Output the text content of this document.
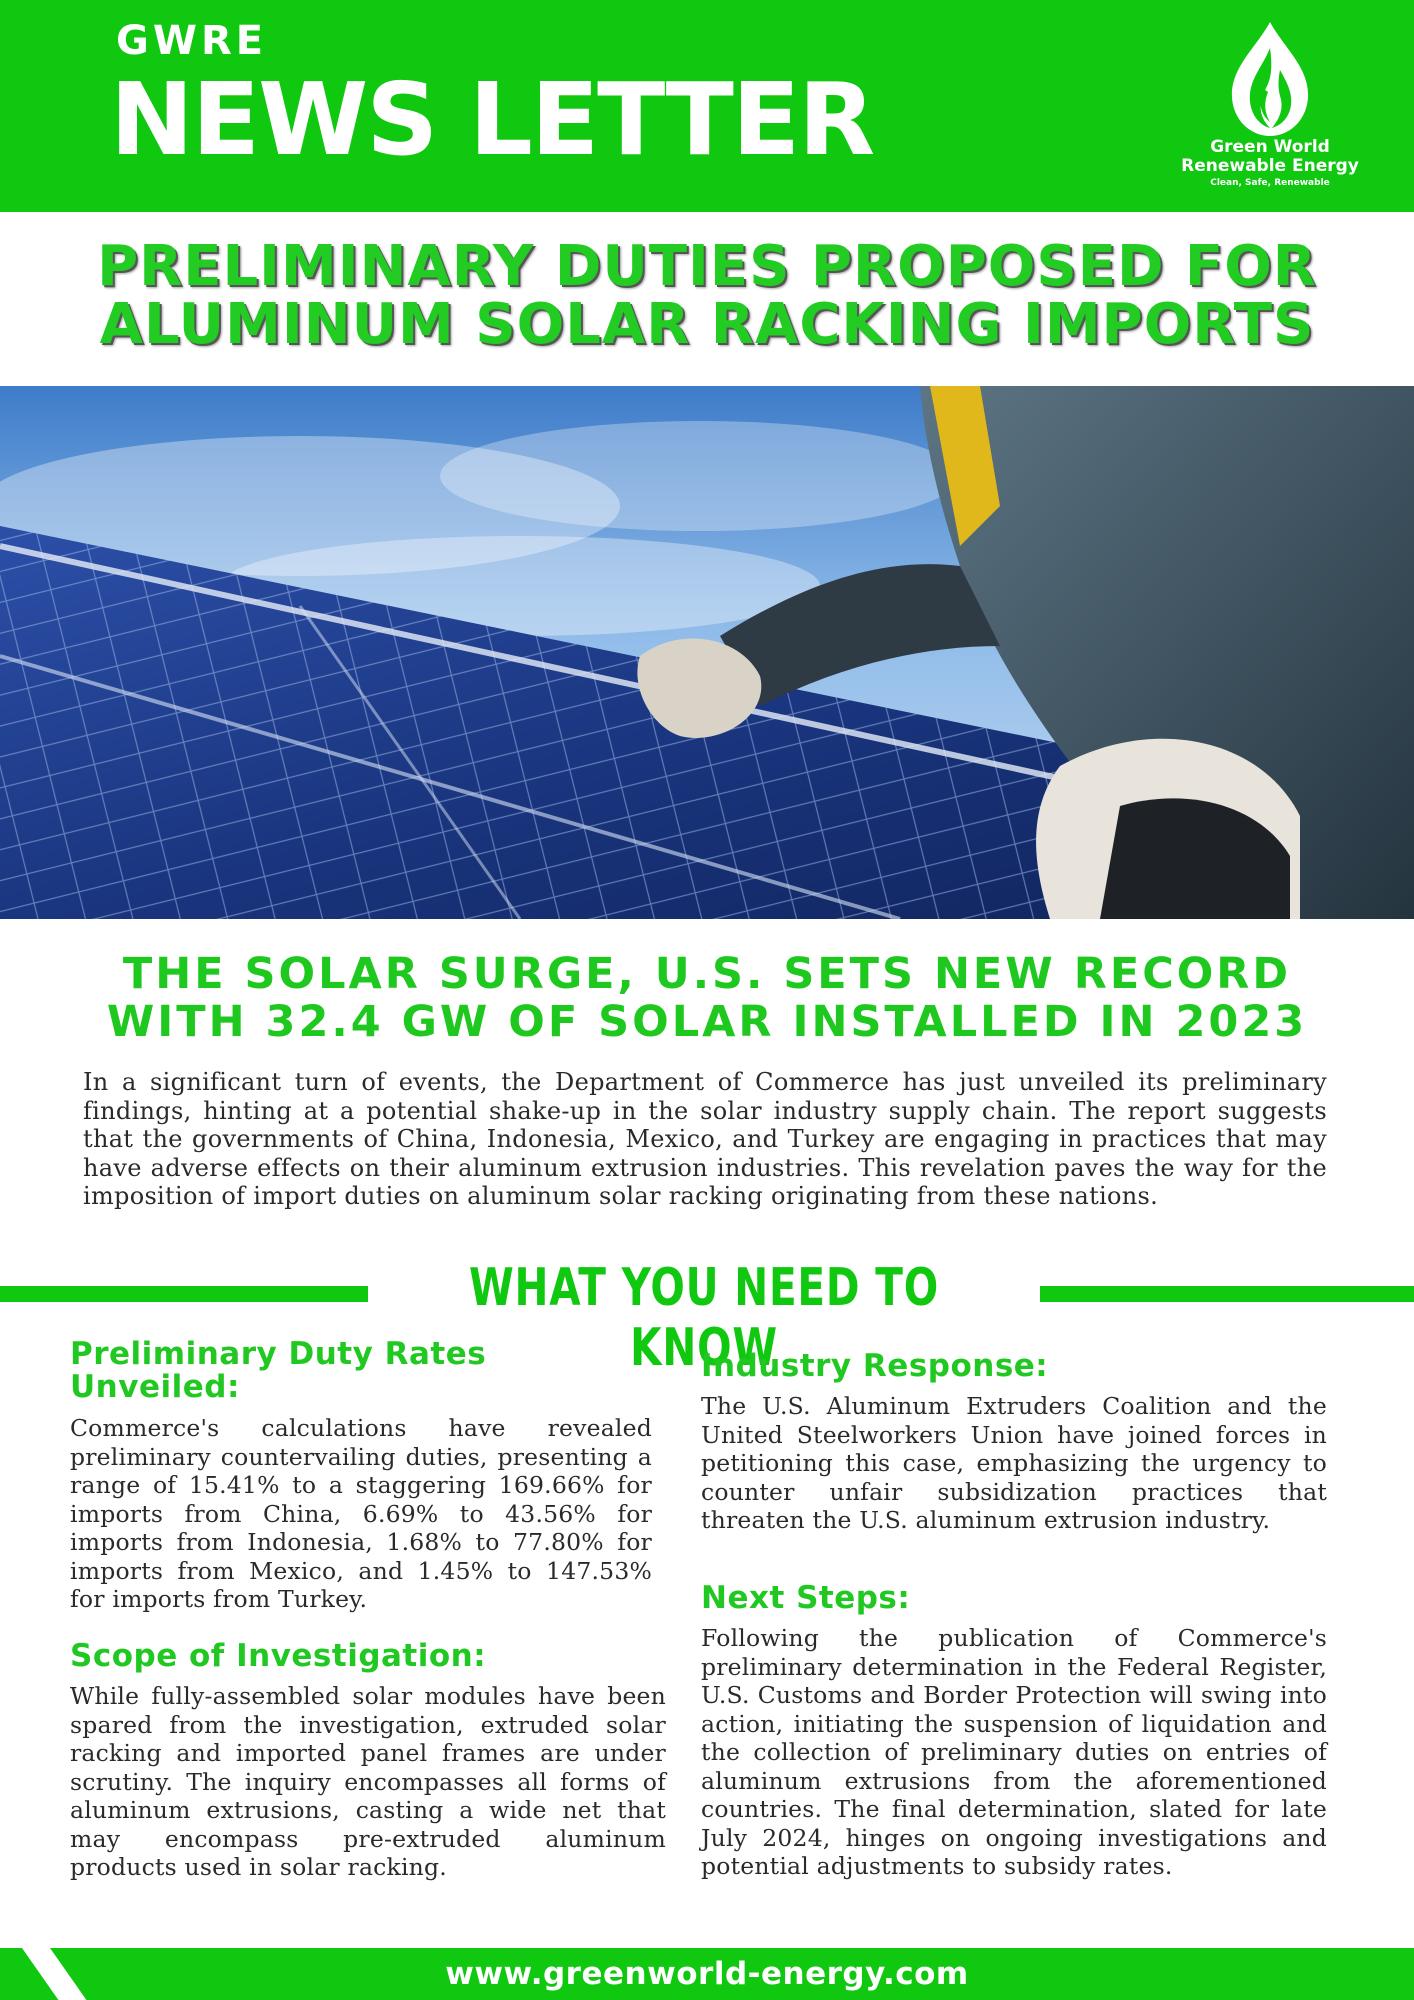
GWRE
NEWS LETTER	Green World
Renewable Energy
Clean, Safe, Renewable
PRELIMINARY DUTIES PROPOSED FOR
ALUMINUM SOLAR RACKING IMPORTS
THE SOLAR SURGE, U.S. SETS NEW RECORD
WITH 32.4 GW OF SOLAR INSTALLED IN 2023
In a significant turn of events, the Department of Commerce has just unveiled its preliminary findings, hinting at a potential shake-up in the solar industry supply chain. The report suggests that the governments of China, Indonesia, Mexico, and Turkey are engaging in practices that may have adverse effects on their aluminum extrusion industries. This revelation paves the way for the imposition of import duties on aluminum solar racking originating from these nations.
WHAT YOU NEED TO KNOW
Preliminary Duty Rates
Unveiled:
Commerce's calculations have revealed preliminary countervailing duties, presenting a range of 15.41% to a staggering 169.66% for imports from China, 6.69% to 43.56% for imports from Indonesia, 1.68% to 77.80% for imports from Mexico, and 1.45% to 147.53% for imports from Turkey.
Scope of Investigation:
While fully-assembled solar modules have been spared from the investigation, extruded solar racking and imported panel frames are under scrutiny. The inquiry encompasses all forms of aluminum extrusions, casting a wide net that may encompass pre-extruded aluminum products used in solar racking.
Industry Response:
The U.S. Aluminum Extruders Coalition and the United Steelworkers Union have joined forces in petitioning this case, emphasizing the urgency to counter unfair subsidization practices that threaten the U.S. aluminum extrusion industry.
Next Steps:
Following the publication of Commerce's preliminary determination in the Federal Register, U.S. Customs and Border Protection will swing into action, initiating the suspension of liquidation and the collection of preliminary duties on entries of aluminum extrusions from the aforementioned countries. The final determination, slated for late July 2024, hinges on ongoing investigations and potential adjustments to subsidy rates.
www.greenworld-energy.com
